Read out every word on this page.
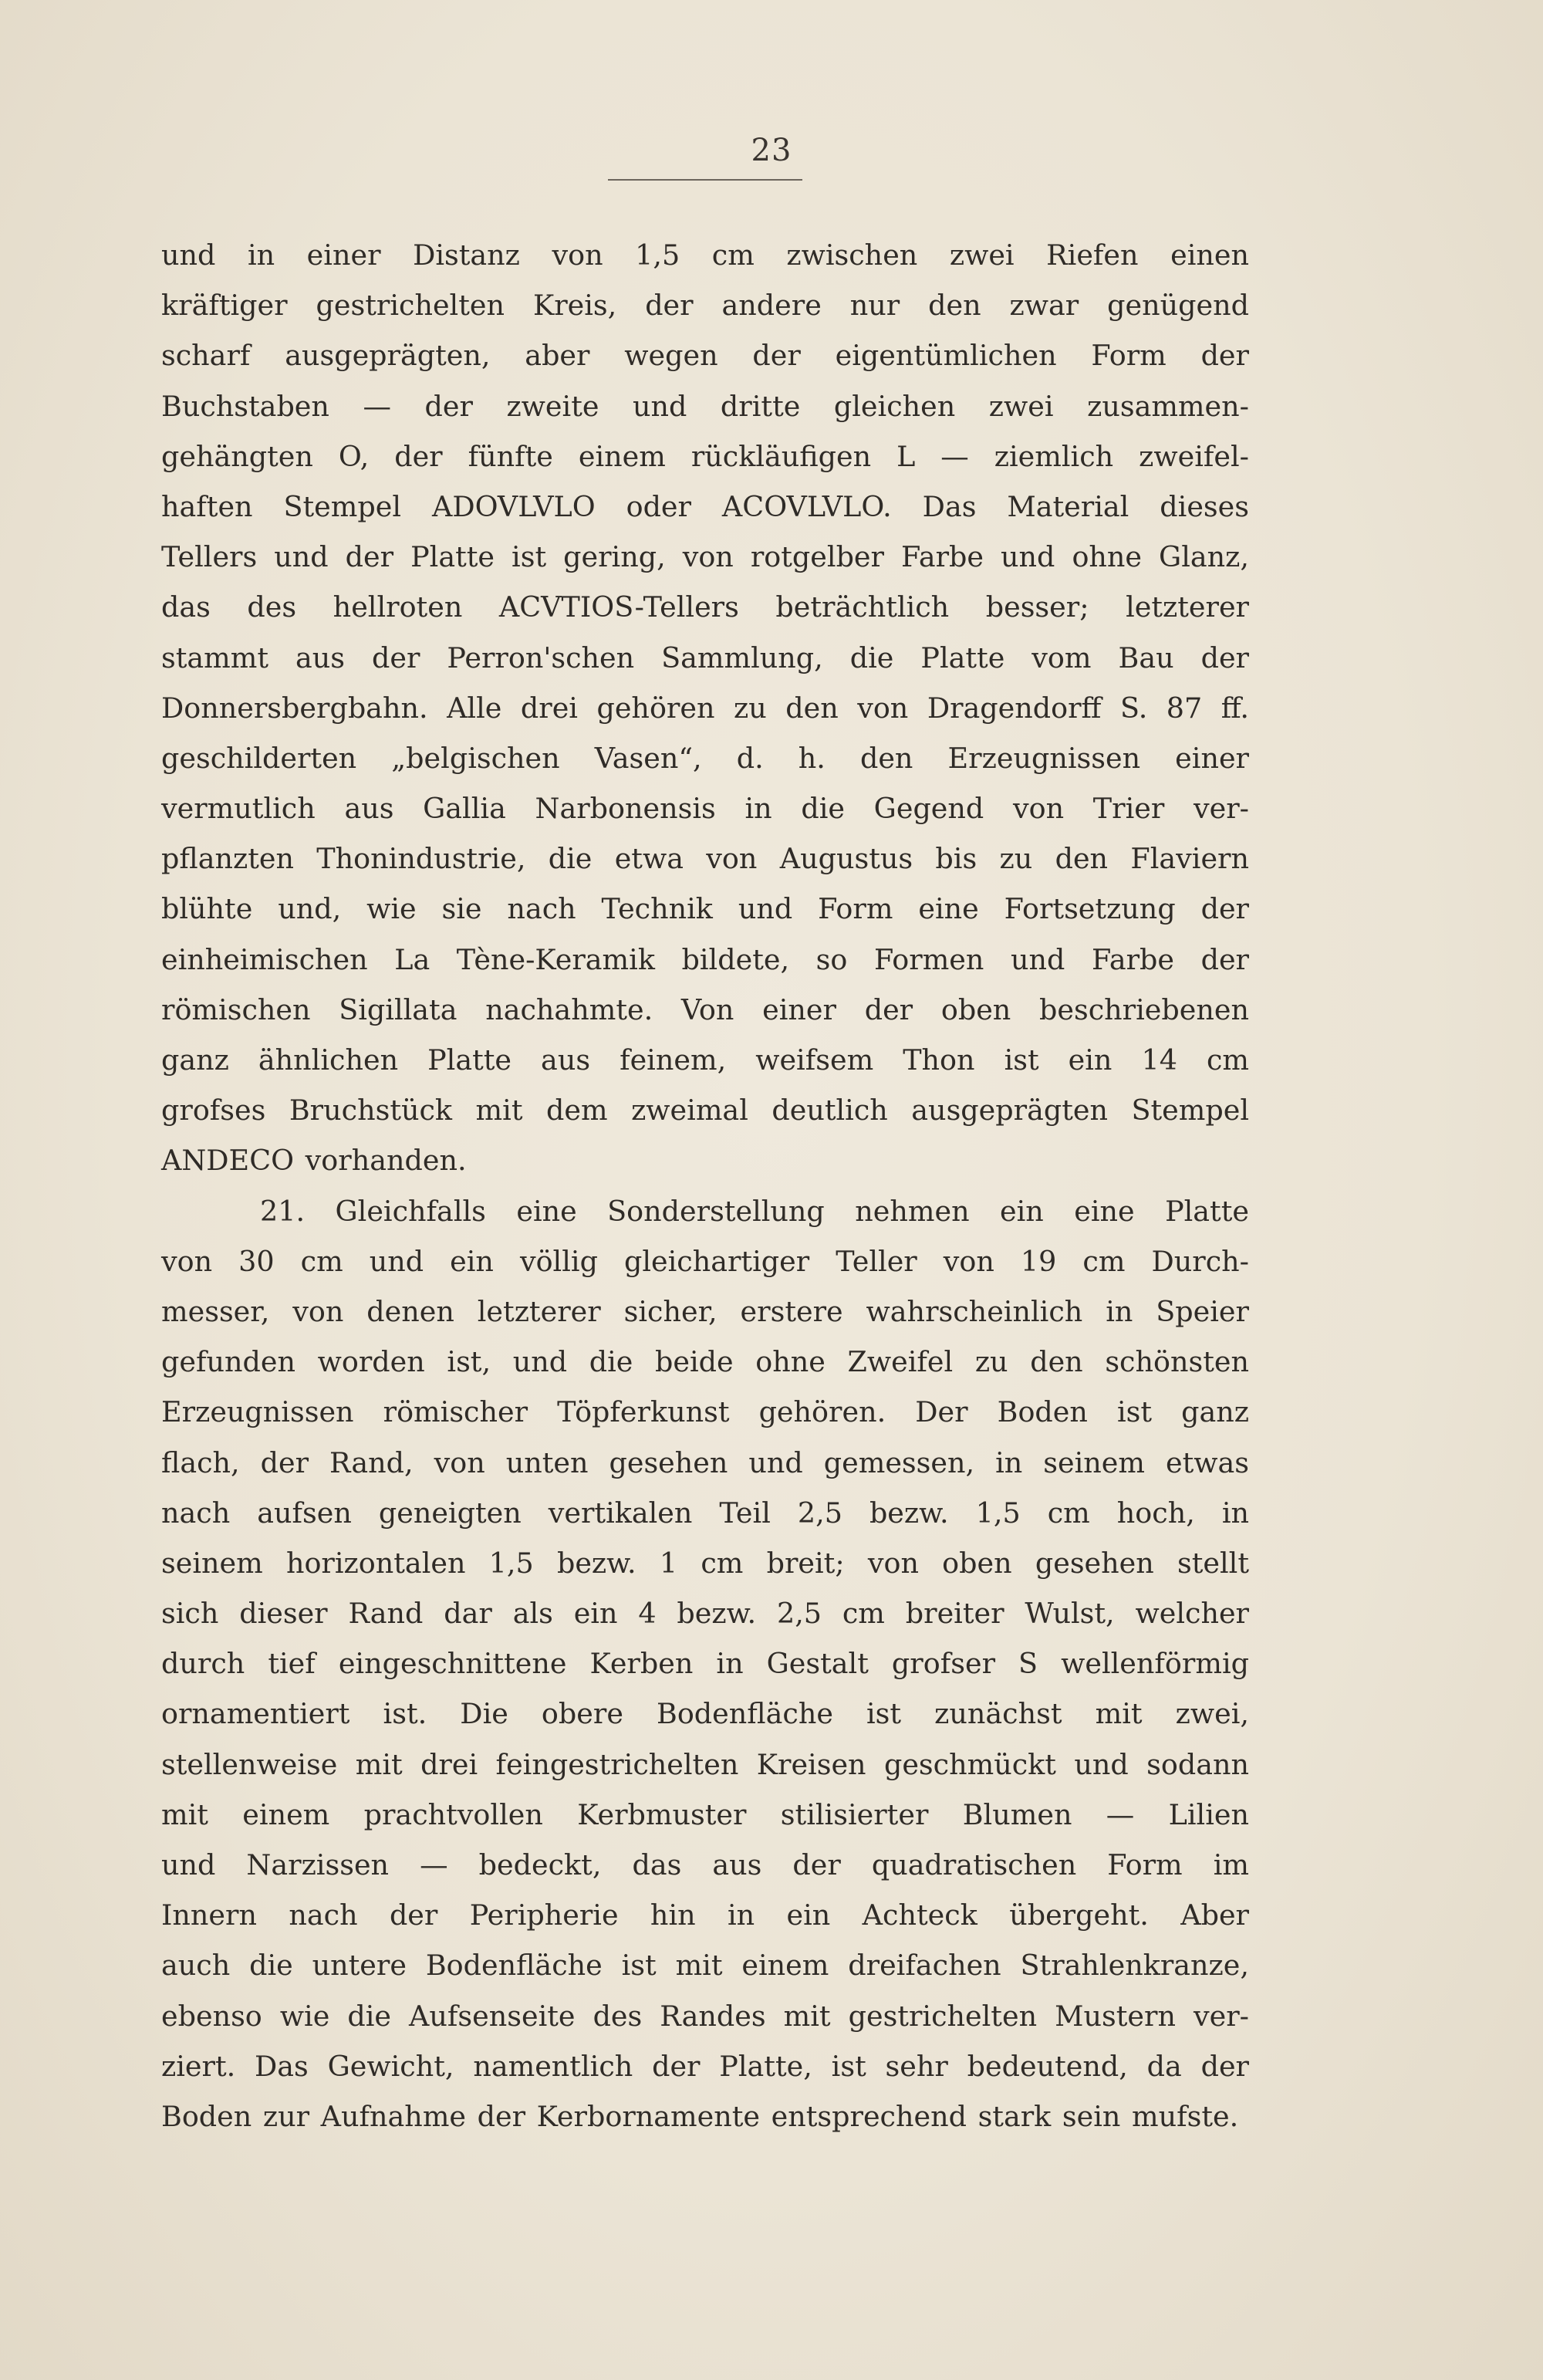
23
und in einer Distanz von 1,5 cm zwischen zwei Riefen einen
kräftiger gestrichelten Kreis, der andere nur den zwar genügend
scharf ausgeprägten, aber wegen der eigentümlichen Form der
Buchstaben — der zweite und dritte gleichen zwei zusammen-
gehängten O, der fünfte einem rückläufigen L — ziemlich zweifel-
haften Stempel ADOVLVLO oder ACOVLVLO. Das Material dieses
Tellers und der Platte ist gering, von rotgelber Farbe und ohne Glanz,
das des hellroten ACVTIOS-Tellers beträchtlich besser; letzterer
stammt aus der Perron'schen Sammlung, die Platte vom Bau der
Donnersbergbahn. Alle drei gehören zu den von Dragendorff S. 87 ff.
geschilderten „belgischen Vasen“, d. h. den Erzeugnissen einer
vermutlich aus Gallia Narbonensis in die Gegend von Trier ver-
pflanzten Thonindustrie, die etwa von Augustus bis zu den Flaviern
blühte und, wie sie nach Technik und Form eine Fortsetzung der
einheimischen La Tène-Keramik bildete, so Formen und Farbe der
römischen Sigillata nachahmte. Von einer der oben beschriebenen
ganz ähnlichen Platte aus feinem, weifsem Thon ist ein 14 cm
grofses Bruchstück mit dem zweimal deutlich ausgeprägten Stempel
ANDECO vorhanden.
21. Gleichfalls eine Sonderstellung nehmen ein eine Platte
von 30 cm und ein völlig gleichartiger Teller von 19 cm Durch-
messer, von denen letzterer sicher, erstere wahrscheinlich in Speier
gefunden worden ist, und die beide ohne Zweifel zu den schönsten
Erzeugnissen römischer Töpferkunst gehören. Der Boden ist ganz
flach, der Rand, von unten gesehen und gemessen, in seinem etwas
nach aufsen geneigten vertikalen Teil 2,5 bezw. 1,5 cm hoch, in
seinem horizontalen 1,5 bezw. 1 cm breit; von oben gesehen stellt
sich dieser Rand dar als ein 4 bezw. 2,5 cm breiter Wulst, welcher
durch tief eingeschnittene Kerben in Gestalt grofser S wellenförmig
ornamentiert ist. Die obere Bodenfläche ist zunächst mit zwei,
stellenweise mit drei feingestrichelten Kreisen geschmückt und sodann
mit einem prachtvollen Kerbmuster stilisierter Blumen — Lilien
und Narzissen — bedeckt, das aus der quadratischen Form im
Innern nach der Peripherie hin in ein Achteck übergeht. Aber
auch die untere Bodenfläche ist mit einem dreifachen Strahlenkranze,
ebenso wie die Aufsenseite des Randes mit gestrichelten Mustern ver-
ziert. Das Gewicht, namentlich der Platte, ist sehr bedeutend, da der
Boden zur Aufnahme der Kerbornamente entsprechend stark sein mufste.
